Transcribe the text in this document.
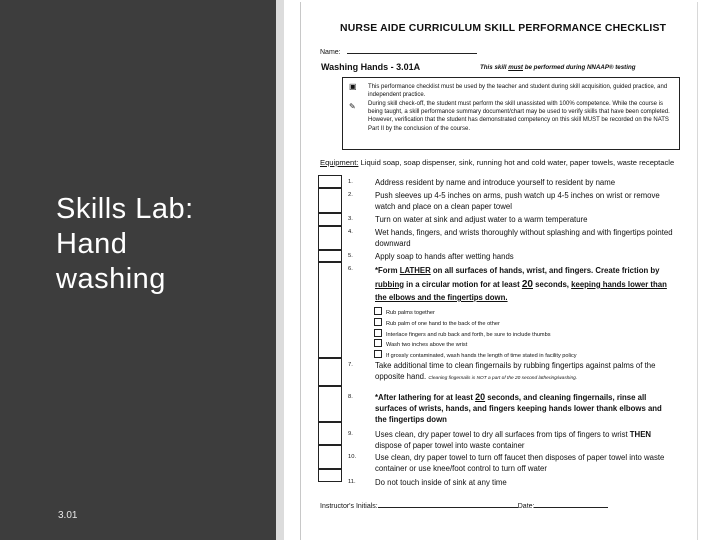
Skills Lab:
Hand
washing
3.01
NURSE AIDE CURRICULUM SKILL PERFORMANCE CHECKLIST
Name:
Washing Hands - 3.01A	This skill must be performed during NNAAP® testing
▣ This performance checklist must be used by the teacher and student during skill acquisition, guided practice, and independent practice.
✎ During skill check-off, the student must perform the skill unassisted with 100% competence. While the course is being taught, a skill performance summary document/chart may be used to verify skills that have been completed. However, verification that the student has demonstrated competency on this skill MUST be recorded on the NATS Part II by the conclusion of the course.
Equipment: Liquid soap, soap dispenser, sink, running hot and cold water, paper towels, waste receptacle
1.	Address resident by name and introduce yourself to resident by name
2.	Push sleeves up 4-5 inches on arms, push watch up 4-5 inches on wrist or remove watch and place on a clean paper towel
3.	Turn on water at sink and adjust water to a warm temperature
4.	Wet hands, fingers, and wrists thoroughly without splashing and with fingertips pointed downward
5.	Apply soap to hands after wetting hands
6.	*Form LATHER on all surfaces of hands, wrist, and fingers. Create friction by rubbing in a circular motion for at least 20 seconds, keeping hands lower than the elbows and the fingertips down.
Rub palms together
Rub palm of one hand to the back of the other
Interlace fingers and rub back and forth, be sure to include thumbs
Wash two inches above the wrist
If grossly contaminated, wash hands the length of time stated in facility policy
7.	Take additional time to clean fingernails by rubbing fingertips against palms of the opposite hand. Cleaning fingernails is NOT a part of the 20 second lathering/washing.
8.	*After lathering for at least 20 seconds, and cleaning fingernails, rinse all surfaces of wrists, hands, and fingers keeping hands lower thank elbows and the fingertips down
9.	Uses clean, dry paper towel to dry all surfaces from tips of fingers to wrist THEN dispose of paper towel into waste container
10. Use clean, dry paper towel to turn off faucet then disposes of paper towel into waste container or use knee/foot control to turn off water
11. Do not touch inside of sink at any time
Instructor's Initials:	Date:
